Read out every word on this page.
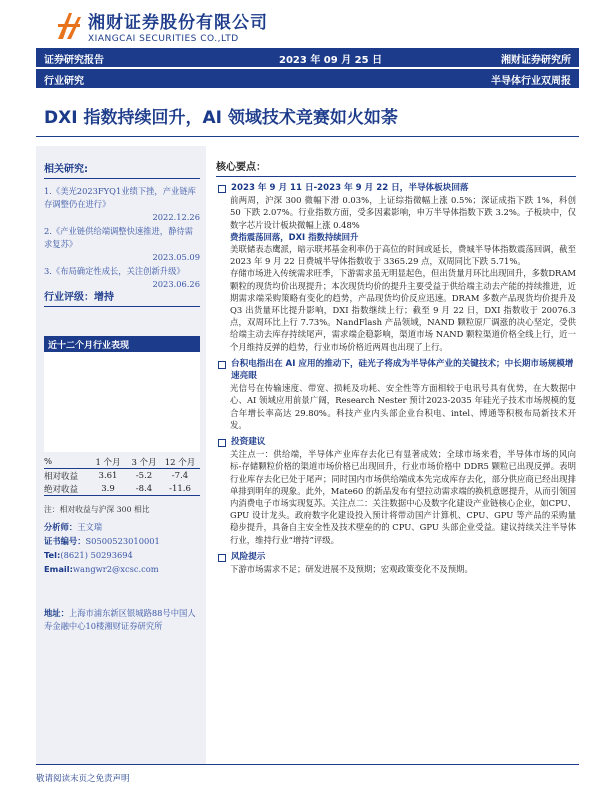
湘财证券股份有限公司
XIANGCAI SECURITIES CO.,LTD
证券研究报告	2023 年 09 月 25 日	湘财证券研究所
行业研究	半导体行业双周报
DXI 指数持续回升，AI 领域技术竞赛如火如荼
相关研究:
1.《美光2023FYQ1业绩下挫，产业链库存调整仍在进行》
2022.12.26
2.《产业链供给端调整快速推进，静待需求复苏》
2023.05.09
3.《布局确定性成长，关注创新升级》
2023.06.26
行业评级：增持
近十二个月行业表现
%	1 个月	3 个月 12 个月
相对收益	3.61	-5.2	-7.4
绝对收益	3.9	-8.4	-11.6
注：相对收益与沪深 300 相比
分析师：王文瑞
证书编号：S0500523010001
Tel:(8621) 50293694
Email:wangwr2@xcsc.com
地址：上海市浦东新区银城路88号中国人寿金融中心10楼湘财证券研究所
核心要点：
2023 年 9 月 11 日-2023 年 9 月 22 日，半导体板块回落
前两周，沪深 300 微幅下滑 0.03%，上证综指微幅上涨 0.5%；深证成指下跌 1%，科创 50 下跌 2.07%。行业指数方面，受多因素影响，申万半导体指数下跌 3.2%。子板块中，仅数字芯片设计板块微幅上涨 0.48%
费指震荡回落，DXI 指数持续回升
美联储表态鹰派，暗示联邦基金利率仍于高位的时间或延长，费城半导体指数震荡回调，截至 2023 年 9 月 22 日费城半导体指数收于 3365.29 点，双周同比下跌 5.71%。
存储市场进入传统需求旺季，下游需求虽无明显起色，但出货量月环比出现回升，多数DRAM颗粒的现货均价出现提升；本次现货均价的提升主要受益于供给端主动去产能的持续推进，近期需求端采购策略有变化的趋势，产品现货均价反应迅速。DRAM 多数产品现货均价提升及Q3 出货量环比提升影响，DXI 指数继续上行；截至 9 月 22 日，DXI 指数收于 20076.3 点，双周环比上行 7.73%。NandFlash 产品领域，NAND 颗粒原厂调涨的决心坚定，受供给端主动去库存持续尾声，需求端企稳影响，渠道市场 NAND 颗粒渠道价格全线上行，近一个月维持反弹的趋势，行业市场价格近两周也出现了上行。
台积电指出在 AI 应用的推动下，硅光子将成为半导体产业的关键技术；中长期市场规模增速亮眼
光信号在传输速度、带宽、损耗及功耗、安全性等方面相较于电讯号具有优势，在大数据中心、AI 领域应用前景广阔，Research Nester 预计2023-2035 年硅光子技术市场规模的复合年增长率高达 29.80%。科技产业内头部企业台积电、intel、博通等积极布局新技术开发。
投资建议
关注点一：供给端，半导体产业库存去化已有显著成效；全球市场来看，半导体市场的风向标-存储颗粒价格的渠道市场价格已出现回升，行业市场价格中 DDR5 颗粒已出现反弹。表明行业库存去化已处于尾声；同时国内市场供给端成本先完成库存去化，部分供应商已经出现排单排到明年的现象。此外，Mate60 的新品发布有望拉动需求端的换机意愿提升，从而引领国内消费电子市场实现复苏。关注点二：关注数据中心及数字化建设产业链核心企业，如CPU、GPU 设计龙头。政府数字化建设投入预计将带动国产计算机、CPU、GPU 等产品的采购量稳步提升，具备自主安全性及技术壁垒的的 CPU、GPU 头部企业受益。建议持续关注半导体行业，维持行业“增持”评级。
风险提示
下游市场需求不足；研发进展不及预期；宏观政策变化不及预期。
敬请阅读末页之免责声明
